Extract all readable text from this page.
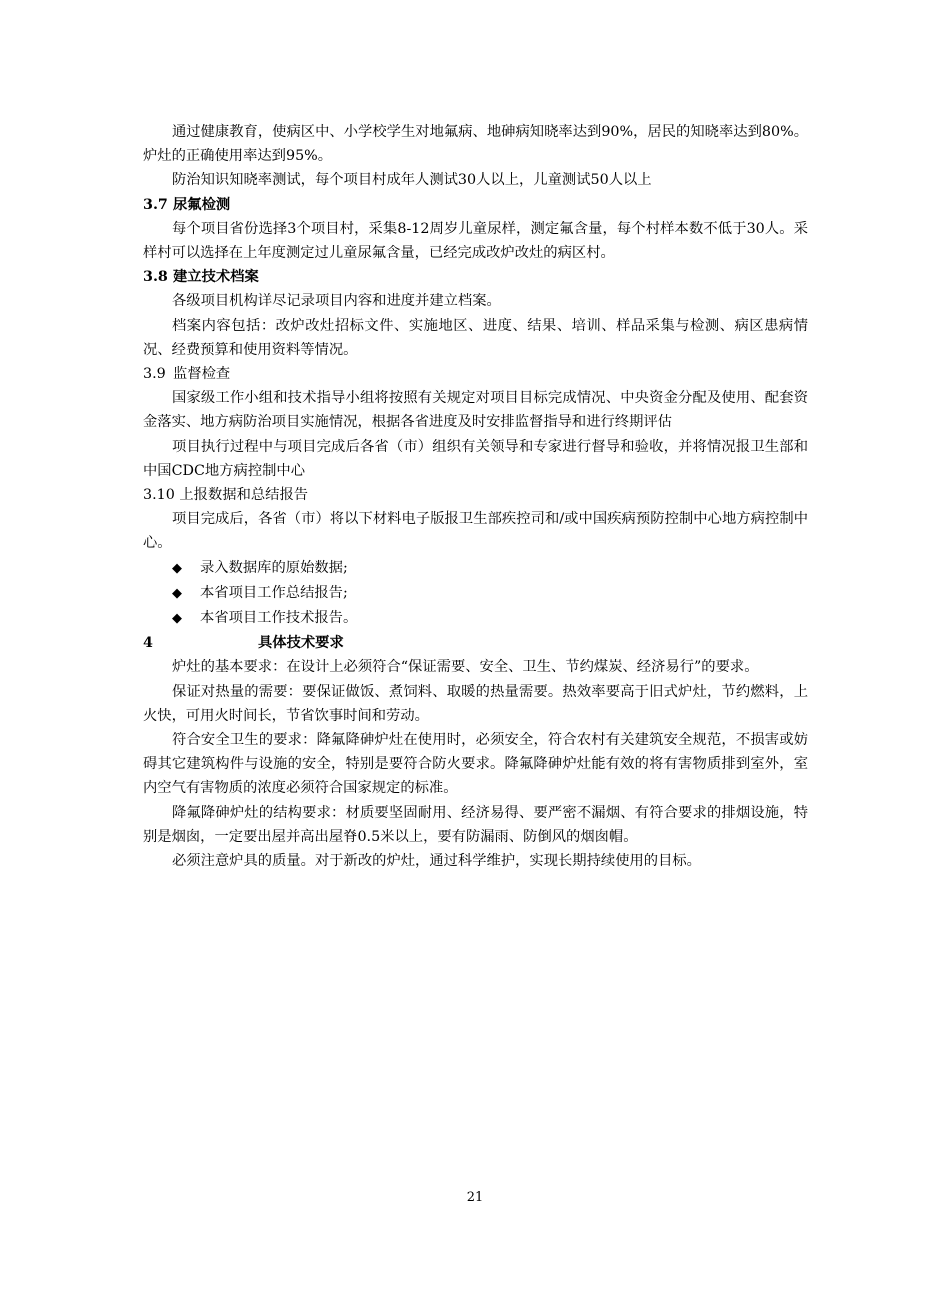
通过健康教育，使病区中、小学校学生对地氟病、地砷病知晓率达到90%，居民的知晓率达到80%。炉灶的正确使用率达到95%。

防治知识知晓率测试，每个项目村成年人测试30人以上，儿童测试50人以上

3.7 尿氟检测

每个项目省份选择3个项目村，采集8-12周岁儿童尿样，测定氟含量，每个村样本数不低于30人。采样村可以选择在上年度测定过儿童尿氟含量，已经完成改炉改灶的病区村。

3.8 建立技术档案

各级项目机构详尽记录项目内容和进度并建立档案。

档案内容包括：改炉改灶招标文件、实施地区、进度、结果、培训、样品采集与检测、病区患病情况、经费预算和使用资料等情况。

3.9 监督检查

国家级工作小组和技术指导小组将按照有关规定对项目目标完成情况、中央资金分配及使用、配套资金落实、地方病防治项目实施情况，根据各省进度及时安排监督指导和进行终期评估

项目执行过程中与项目完成后各省（市）组织有关领导和专家进行督导和验收，并将情况报卫生部和中国CDC地方病控制中心

3.10 上报数据和总结报告

项目完成后，各省（市）将以下材料电子版报卫生部疾控司和/或中国疾病预防控制中心地方病控制中心。

◆ 录入数据库的原始数据;

◆ 本省项目工作总结报告;

◆ 本省项目工作技术报告。

4	具体技术要求

炉灶的基本要求：在设计上必须符合“保证需要、安全、卫生、节约煤炭、经济易行”的要求。

保证对热量的需要：要保证做饭、煮饲料、取暖的热量需要。热效率要高于旧式炉灶，节约燃料，上火快，可用火时间长，节省饮事时间和劳动。

符合安全卫生的要求：降氟降砷炉灶在使用时，必须安全，符合农村有关建筑安全规范，不损害或妨碍其它建筑构件与设施的安全，特别是要符合防火要求。降氟降砷炉灶能有效的将有害物质排到室外，室内空气有害物质的浓度必须符合国家规定的标准。

降氟降砷炉灶的结构要求：材质要坚固耐用、经济易得、要严密不漏烟、有符合要求的排烟设施，特别是烟囱，一定要出屋并高出屋脊0.5米以上，要有防漏雨、防倒风的烟囱帽。

必须注意炉具的质量。对于新改的炉灶，通过科学维护，实现长期持续使用的目标。

21
